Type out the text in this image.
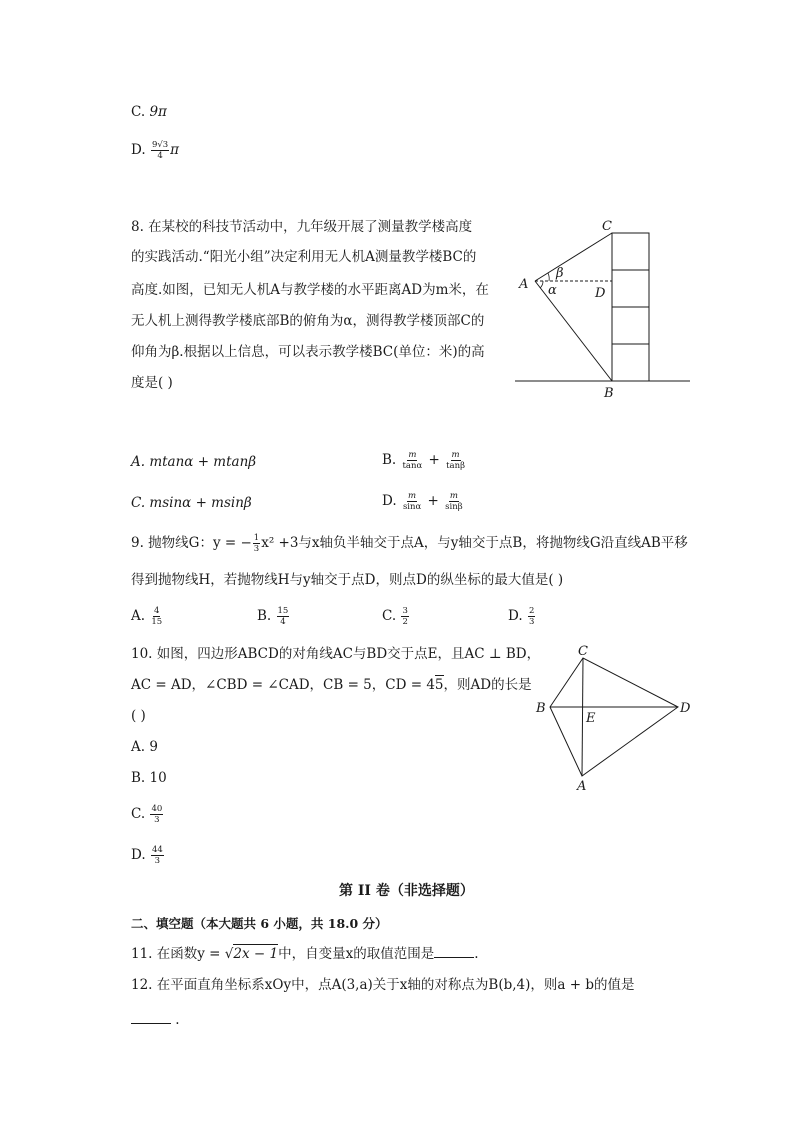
C. 9π
D. $\frac{9√3}{4}$ π
8. 在某校的科技节活动中，九年级开展了测量教学楼高度
的实践活动.“阳光小组”决定利用无人机A测量教学楼BC的
高度.如图，已知无人机A与教学楼的水平距离AD为m米，在
无人机上测得教学楼底部B的俯角为α，测得教学楼顶部C的
仰角为β.根据以上信息，可以表示教学楼BC(单位：米)的高
度是( )
C
A
D
B
β
α
A. mtanα + mtanβ	B. $\frac{m}{\tan\alpha} + \frac{m}{\tan\beta}$
C. msinα + msinβ	D. $\frac{m}{\sin\alpha} + \frac{m}{\sin\beta}$
9. 抛物线G：y = − $\frac{1}{3} x^2 +3$与x轴负半轴交于点A，与y轴交于点B，将抛物线G沿直线AB平移
得到抛物线H，若抛物线H与y轴交于点D，则点D的纵坐标的最大值是( )
A. $\frac{4}{15}$	B. $\frac{15}{4}$	C. $\frac{3}{2}$	D. $\frac{2}{3}$
10. 如图，四边形ABCD的对角线AC与BD交于点E，且AC ⊥ BD，
AC = AD，∠CBD = ∠CAD，CB = 5，CD = 45，则AD的长是
( )
A. 9
B. 10
C. $\frac{40}{3}$
D. $\frac{44}{3}$
C
B
E
D
A
第 II 卷（非选择题）
二、填空题（本大题共 6 小题，共 18.0 分）
11. 在函数y = √2x − 1中，自变量x的取值范围是	.
12. 在平面直角坐标系xOy中，点A(3,a)关于x轴的对称点为B(b,4)，则a + b的值是
.
